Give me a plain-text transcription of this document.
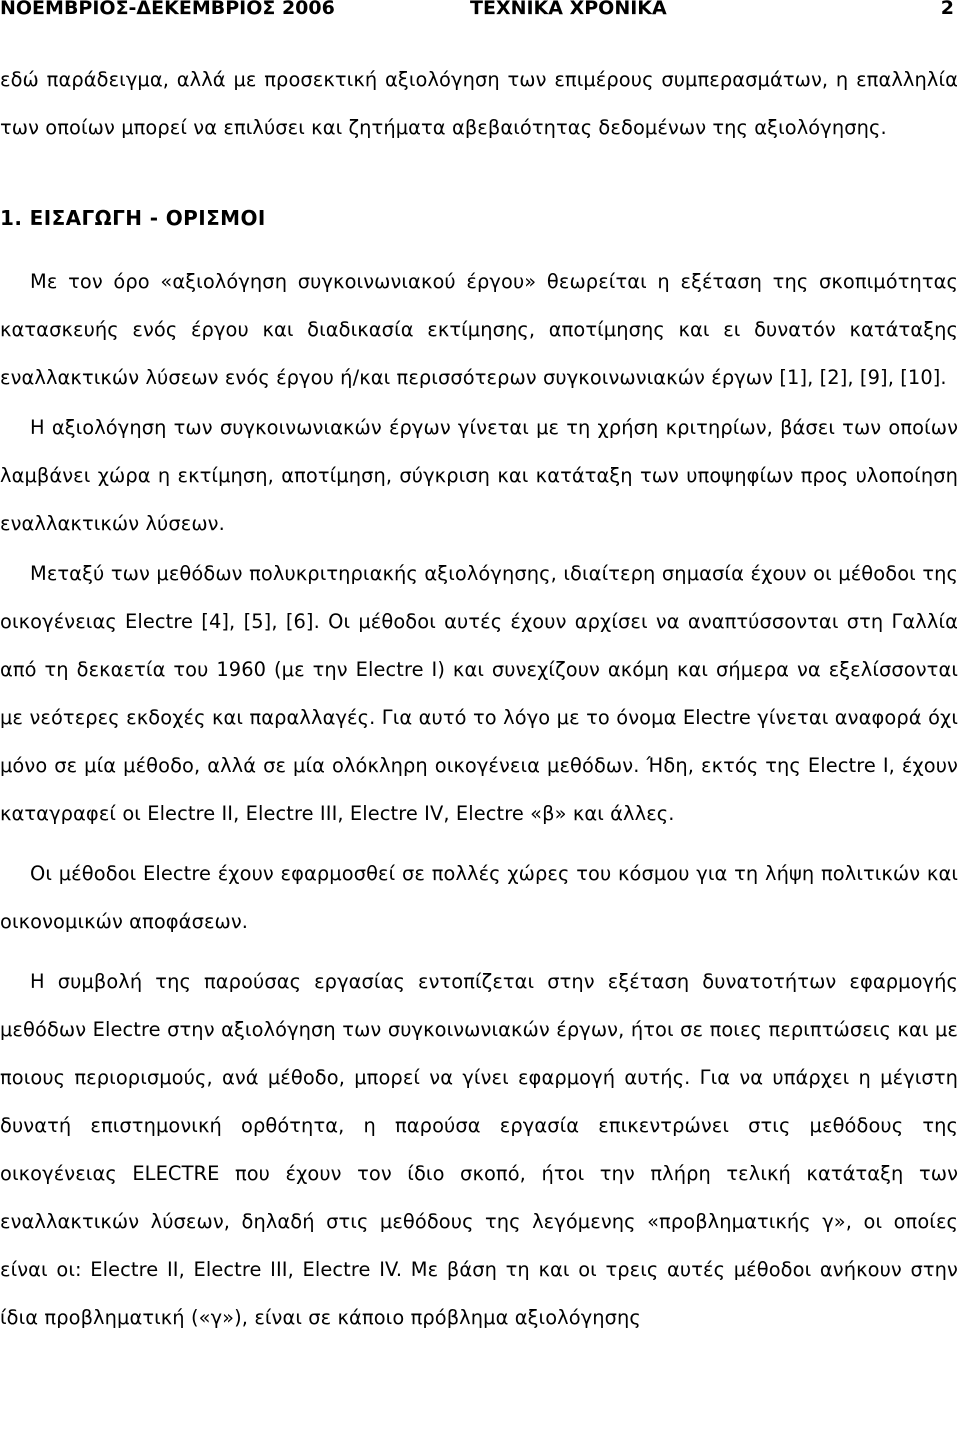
ΝΟΕΜΒΡΙΟΣ-ΔΕΚΕΜΒΡΙΟΣ 2006	ΤΕΧΝΙΚΑ ΧΡΟΝΙΚΑ	2

εδώ παράδειγμα, αλλά με προσεκτική αξιολόγηση των επιμέρους συμπερασμάτων, η επαλληλία των οποίων μπορεί να επιλύσει και ζητήματα αβεβαιότητας δεδομένων της αξιολόγησης.

1. ΕΙΣΑΓΩΓΗ - ΟΡΙΣΜΟΙ

Με τον όρο «αξιολόγηση συγκοινωνιακού έργου» θεωρείται η εξέταση της σκοπιμότητας κατασκευής ενός έργου και διαδικασία εκτίμησης, αποτίμησης και ει δυνατόν κατάταξης εναλλακτικών λύσεων ενός έργου ή/και περισσότερων συγκοινωνιακών έργων [1], [2], [9], [10].

Η αξιολόγηση των συγκοινωνιακών έργων γίνεται με τη χρήση κριτηρίων, βάσει των οποίων λαμβάνει χώρα η εκτίμηση, αποτίμηση, σύγκριση και κατάταξη των υποψηφίων προς υλοποίηση εναλλακτικών λύσεων.

Μεταξύ των μεθόδων πολυκριτηριακής αξιολόγησης, ιδιαίτερη σημασία έχουν οι μέθοδοι της οικογένειας Electre [4], [5], [6]. Οι μέθοδοι αυτές έχουν αρχίσει να αναπτύσσονται στη Γαλλία από τη δεκαετία του 1960 (με την Electre I) και συνεχίζουν ακόμη και σήμερα να εξελίσσονται με νεότερες εκδοχές και παραλλαγές. Για αυτό το λόγο με το όνομα Electre γίνεται αναφορά όχι μόνο σε μία μέθοδο, αλλά σε μία ολόκληρη οικογένεια μεθόδων. Ήδη, εκτός της Electre I, έχουν καταγραφεί οι Electre II, Electre III, Electre IV, Electre «β» και άλλες.

Οι μέθοδοι Electre έχουν εφαρμοσθεί σε πολλές χώρες του κόσμου για τη λήψη πολιτικών και οικονομικών αποφάσεων.

Η συμβολή της παρούσας εργασίας εντοπίζεται στην εξέταση δυνατοτήτων εφαρμογής μεθόδων Electre στην αξιολόγηση των συγκοινωνιακών έργων, ήτοι σε ποιες περιπτώσεις και με ποιους περιορισμούς, ανά μέθοδο, μπορεί να γίνει εφαρμογή αυτής. Για να υπάρχει η μέγιστη δυνατή επιστημονική ορθότητα, η παρούσα εργασία επικεντρώνει στις μεθόδους της οικογένειας ELECTRE που έχουν τον ίδιο σκοπό, ήτοι την πλήρη τελική κατάταξη των εναλλακτικών λύσεων, δηλαδή στις μεθόδους της λεγόμενης «προβληματικής γ», οι οποίες είναι οι: Electre II, Electre III, Electre IV. Με βάση τη και οι τρεις αυτές μέθοδοι ανήκουν στην ίδια προβληματική («γ»), είναι σε κάποιο πρόβλημα αξιολόγησης
